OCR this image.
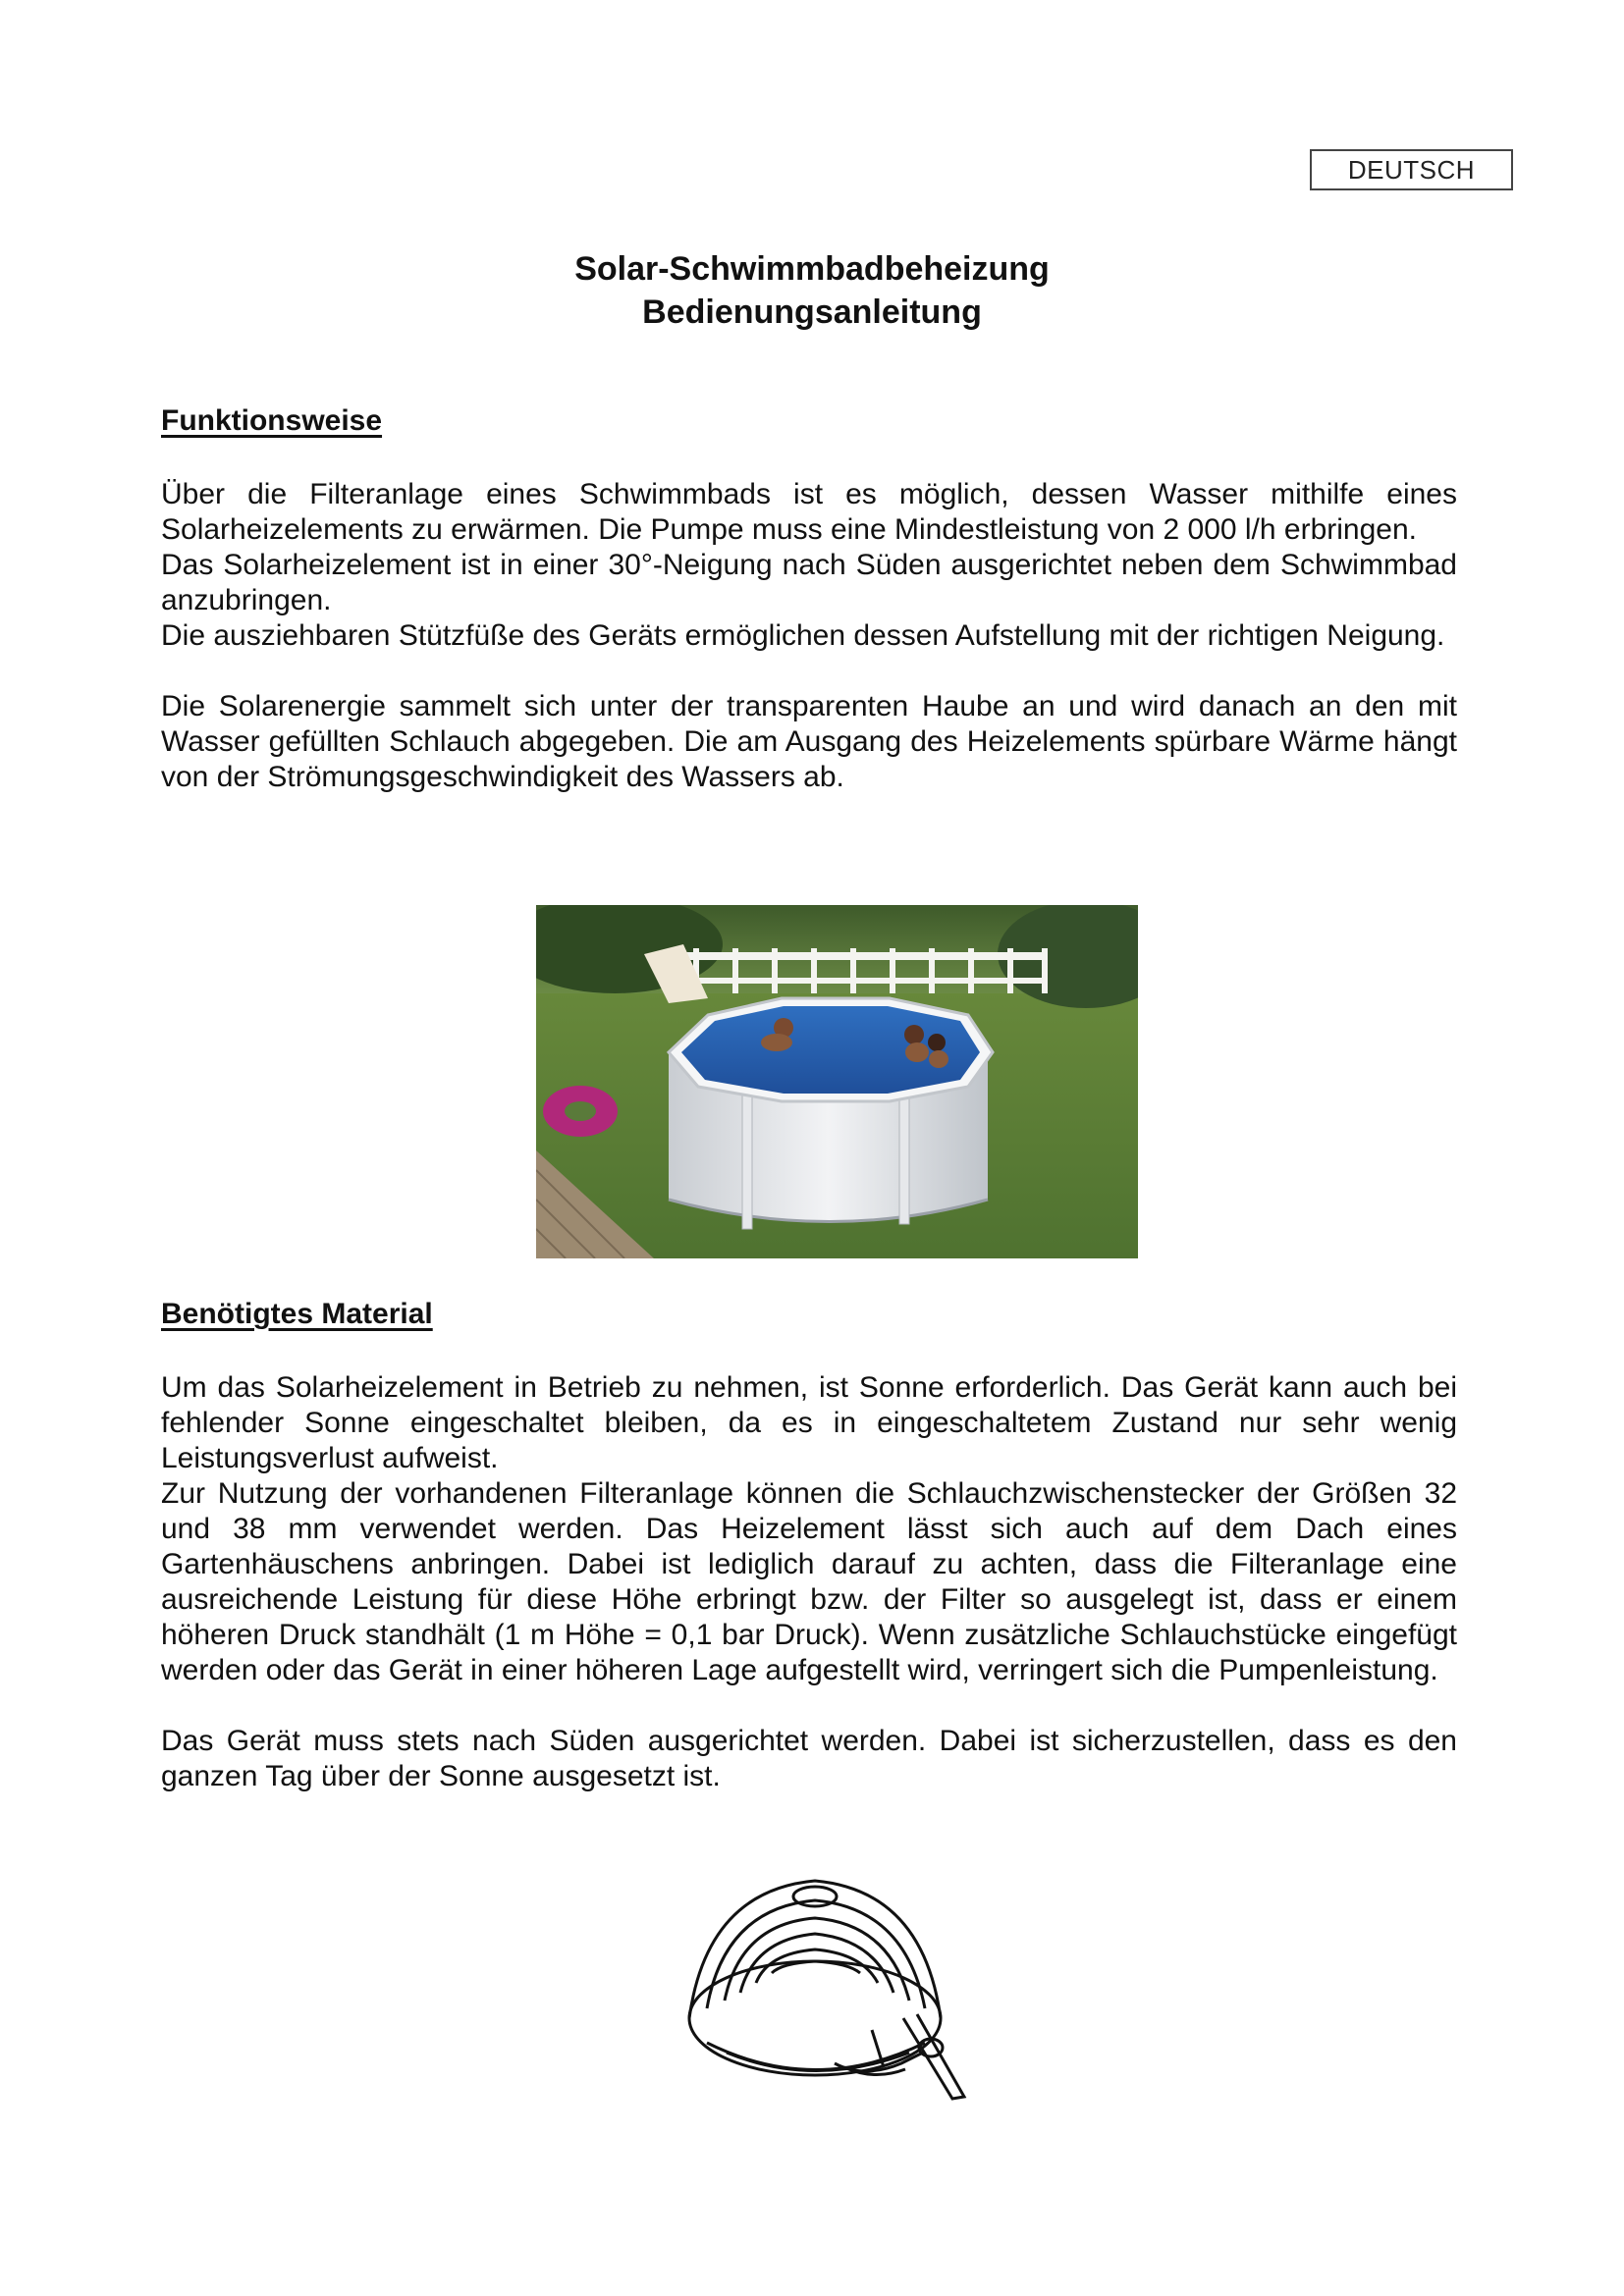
DEUTSCH
Solar-Schwimmbadbeheizung
Bedienungsanleitung
Funktionsweise

Über die Filteranlage eines Schwimmbads ist es möglich, dessen Wasser mithilfe eines Solarheizelements zu erwärmen. Die Pumpe muss eine Mindestleistung von 2 000 l/h erbringen.

Das Solarheizelement ist in einer 30°-Neigung nach Süden ausgerichtet neben dem Schwimmbad anzubringen.

Die ausziehbaren Stützfüße des Geräts ermöglichen dessen Aufstellung mit der richtigen Neigung.

Die Solarenergie sammelt sich unter der transparenten Haube an und wird danach an den mit Wasser gefüllten Schlauch abgegeben. Die am Ausgang des Heizelements spürbare Wärme hängt von der Strömungsgeschwindigkeit des Wassers ab.

Benötigtes Material

Um das Solarheizelement in Betrieb zu nehmen, ist Sonne erforderlich. Das Gerät kann auch bei fehlender Sonne eingeschaltet bleiben, da es in eingeschaltetem Zustand nur sehr wenig Leistungsverlust aufweist.

Zur Nutzung der vorhandenen Filteranlage können die Schlauchzwischenstecker der Größen 32 und 38 mm verwendet werden. Das Heizelement lässt sich auch auf dem Dach eines Gartenhäuschens anbringen. Dabei ist lediglich darauf zu achten, dass die Filteranlage eine ausreichende Leistung für diese Höhe erbringt bzw. der Filter so ausgelegt ist, dass er einem höheren Druck standhält (1 m Höhe = 0,1 bar Druck). Wenn zusätzliche Schlauchstücke eingefügt werden oder das Gerät in einer höheren Lage aufgestellt wird, verringert sich die Pumpenleistung.

Das Gerät muss stets nach Süden ausgerichtet werden. Dabei ist sicherzustellen, dass es den ganzen Tag über der Sonne ausgesetzt ist.
